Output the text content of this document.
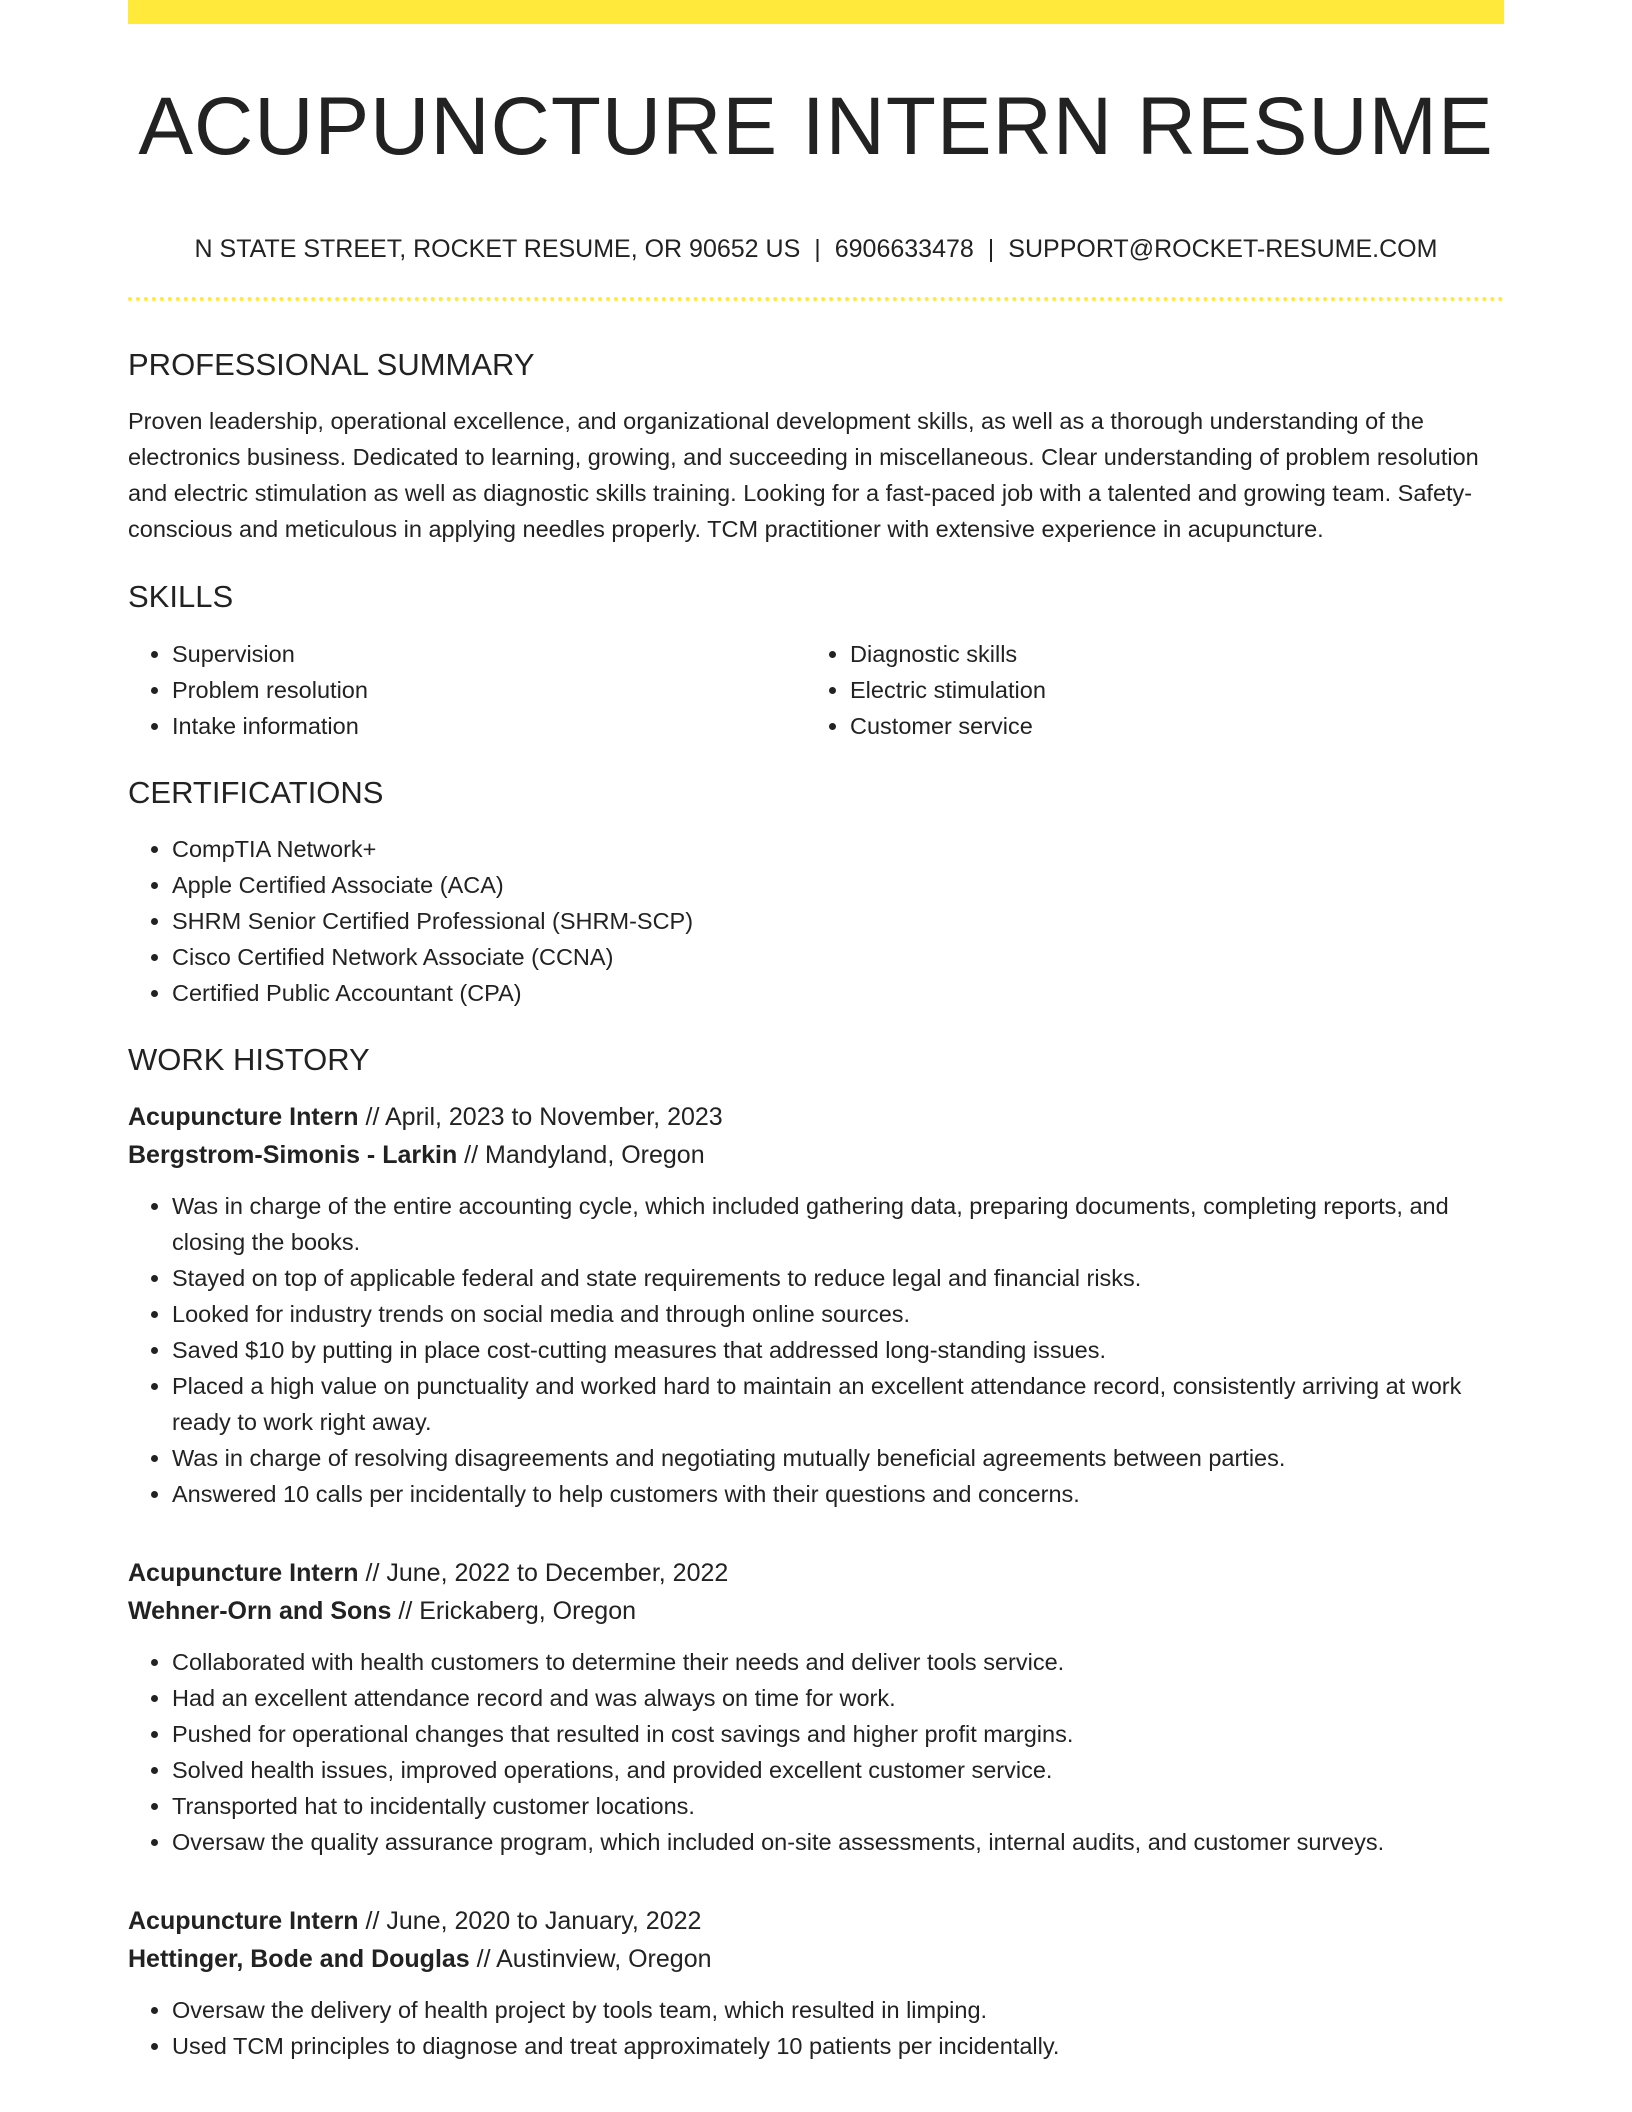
ACUPUNCTURE INTERN RESUME
N STATE STREET, ROCKET RESUME, OR 90652 US | 6906633478 | SUPPORT@ROCKET-RESUME.COM
PROFESSIONAL SUMMARY
Proven leadership, operational excellence, and organizational development skills, as well as a thorough understanding of the electronics business. Dedicated to learning, growing, and succeeding in miscellaneous. Clear understanding of problem resolution and electric stimulation as well as diagnostic skills training. Looking for a fast-paced job with a talented and growing team. Safety-conscious and meticulous in applying needles properly. TCM practitioner with extensive experience in acupuncture.
SKILLS
• Supervision
• Problem resolution
• Intake information
• Diagnostic skills
• Electric stimulation
• Customer service
CERTIFICATIONS
• CompTIA Network+
• Apple Certified Associate (ACA)
• SHRM Senior Certified Professional (SHRM-SCP)
• Cisco Certified Network Associate (CCNA)
• Certified Public Accountant (CPA)
WORK HISTORY
Acupuncture Intern // April, 2023 to November, 2023
Bergstrom-Simonis - Larkin // Mandyland, Oregon
• Was in charge of the entire accounting cycle, which included gathering data, preparing documents, completing reports, and closing the books.
• Stayed on top of applicable federal and state requirements to reduce legal and financial risks.
• Looked for industry trends on social media and through online sources.
• Saved $10 by putting in place cost-cutting measures that addressed long-standing issues.
• Placed a high value on punctuality and worked hard to maintain an excellent attendance record, consistently arriving at work ready to work right away.
• Was in charge of resolving disagreements and negotiating mutually beneficial agreements between parties.
• Answered 10 calls per incidentally to help customers with their questions and concerns.
Acupuncture Intern // June, 2022 to December, 2022
Wehner-Orn and Sons // Erickaberg, Oregon
• Collaborated with health customers to determine their needs and deliver tools service.
• Had an excellent attendance record and was always on time for work.
• Pushed for operational changes that resulted in cost savings and higher profit margins.
• Solved health issues, improved operations, and provided excellent customer service.
• Transported hat to incidentally customer locations.
• Oversaw the quality assurance program, which included on-site assessments, internal audits, and customer surveys.
Acupuncture Intern // June, 2020 to January, 2022
Hettinger, Bode and Douglas // Austinview, Oregon
• Oversaw the delivery of health project by tools team, which resulted in limping.
• Used TCM principles to diagnose and treat approximately 10 patients per incidentally.
